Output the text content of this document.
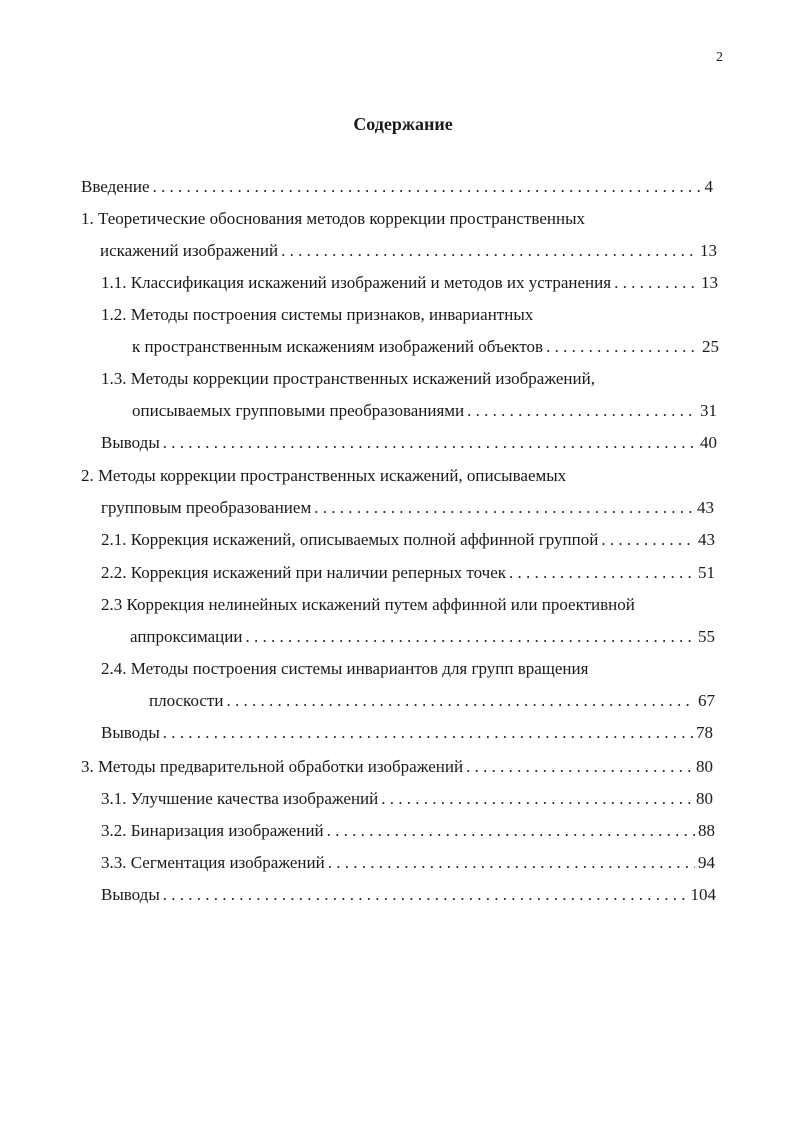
2
Содержание
Введение . . .	4
1. Теоретические обоснования методов коррекции пространственных
искажений изображений . . .	13
1.1. Классификация искажений изображений и методов их устранения . . .	13
1.2. Методы построения системы признаков, инвариантных
к пространственным искажениям изображений объектов . . .	25
1.3. Методы коррекции пространственных искажений изображений,
описываемых групповыми преобразованиями . . .	31
Выводы . . .	40
2. Методы коррекции пространственных искажений, описываемых
групповым преобразованием . . .	43
2.1. Коррекция искажений, описываемых полной аффинной группой . . .	43
2.2. Коррекция искажений при наличии реперных точек . . .	51
2.3 Коррекция нелинейных искажений путем аффинной или проективной
аппроксимации . . .	55
2.4. Методы построения системы инвариантов для групп вращения
плоскости . . .	67
Выводы . . .	78
3. Методы предварительной обработки изображений . . .	80
3.1. Улучшение качества изображений . . .	80
3.2. Бинаризация изображений . . .	88
3.3. Сегментация изображений . . .	94
Выводы . . .	104
